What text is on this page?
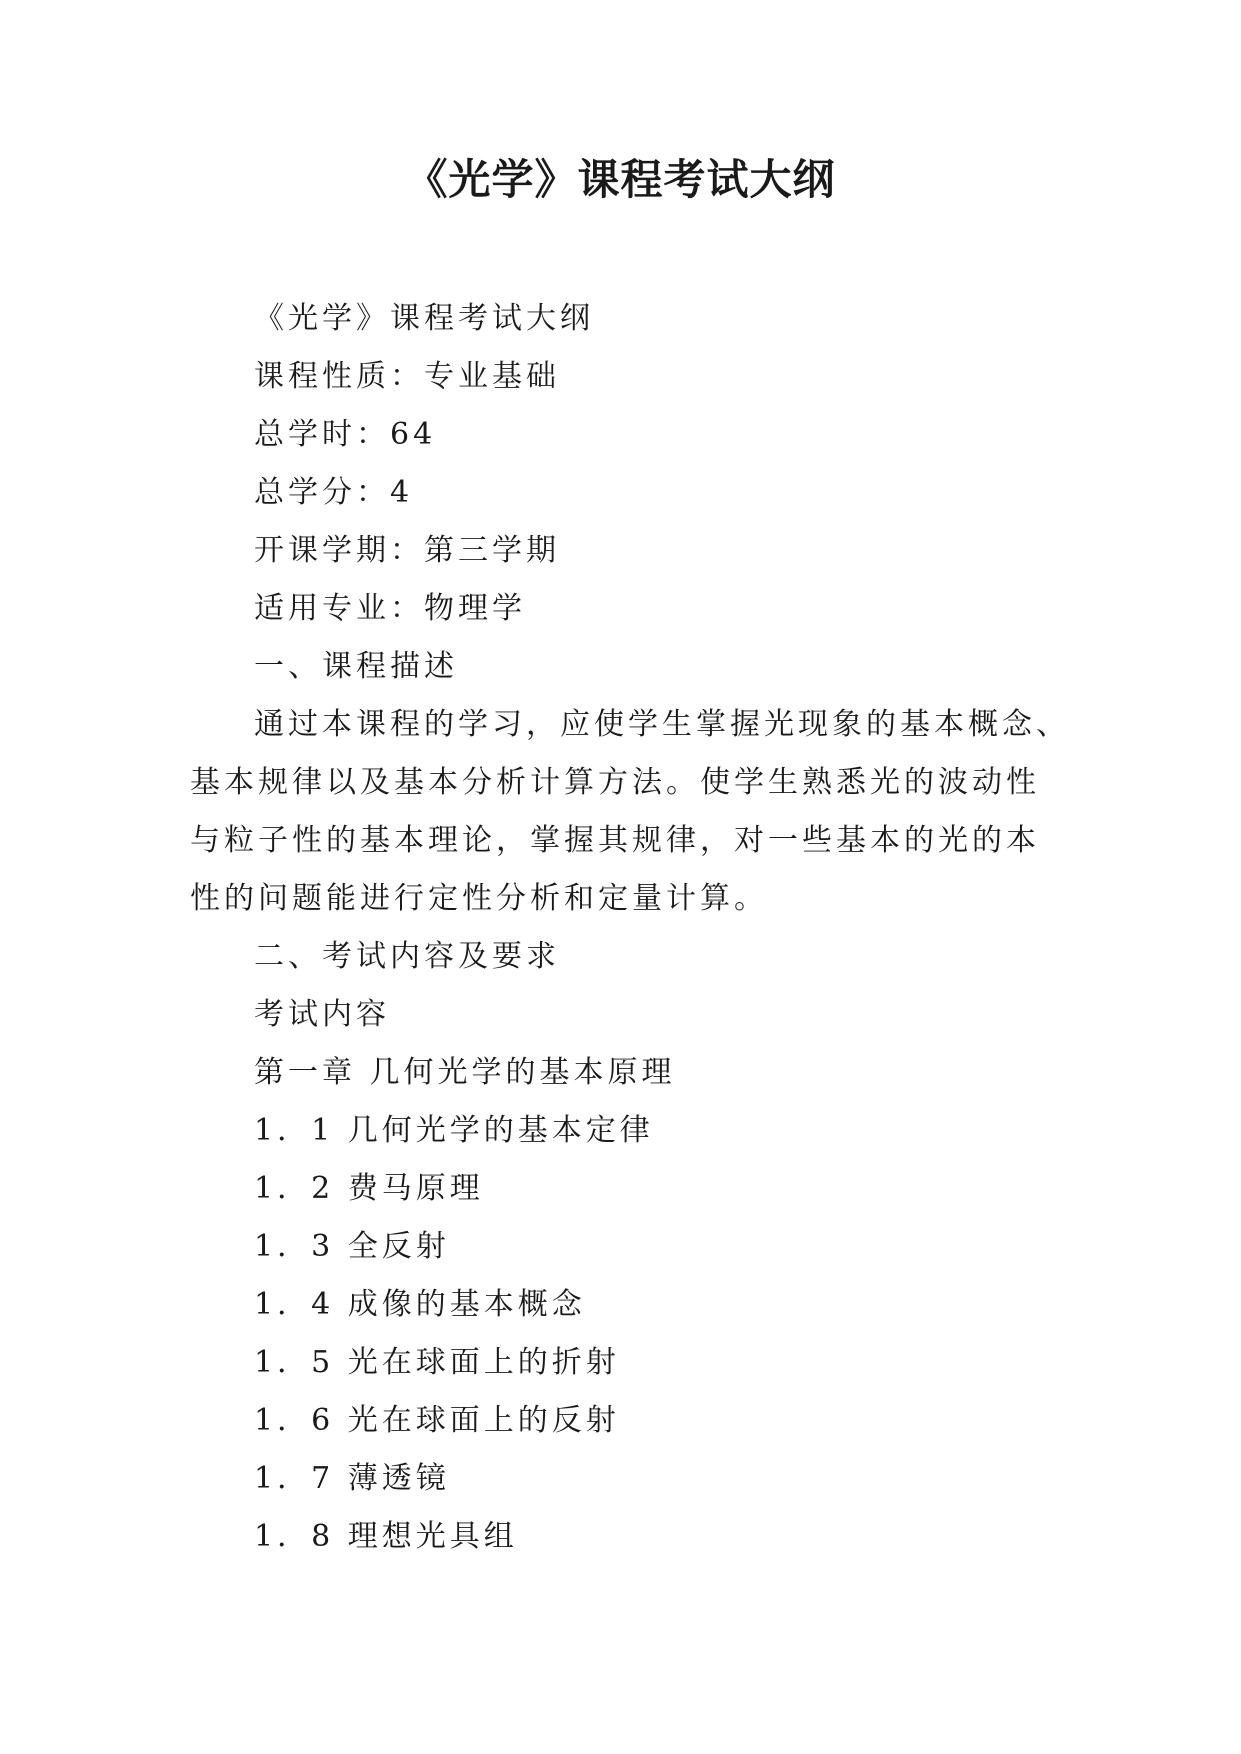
《光学》课程考试大纲
《光学》课程考试大纲
课程性质：专业基础
总学时：64
总学分：4
开课学期：第三学期
适用专业：物理学
一、课程描述

通过本课程的学习，应使学生掌握光现象的基本概念、基本规律以及基本分析计算方法。使学生熟悉光的波动性与粒子性的基本理论，掌握其规律，对一些基本的光的本性的问题能进行定性分析和定量计算。

二、考试内容及要求
考试内容
第一章 几何光学的基本原理
1．1 几何光学的基本定律
1．2 费马原理
1．3 全反射
1．4 成像的基本概念
1．5 光在球面上的折射
1．6 光在球面上的反射
1．7 薄透镜
1．8 理想光具组
